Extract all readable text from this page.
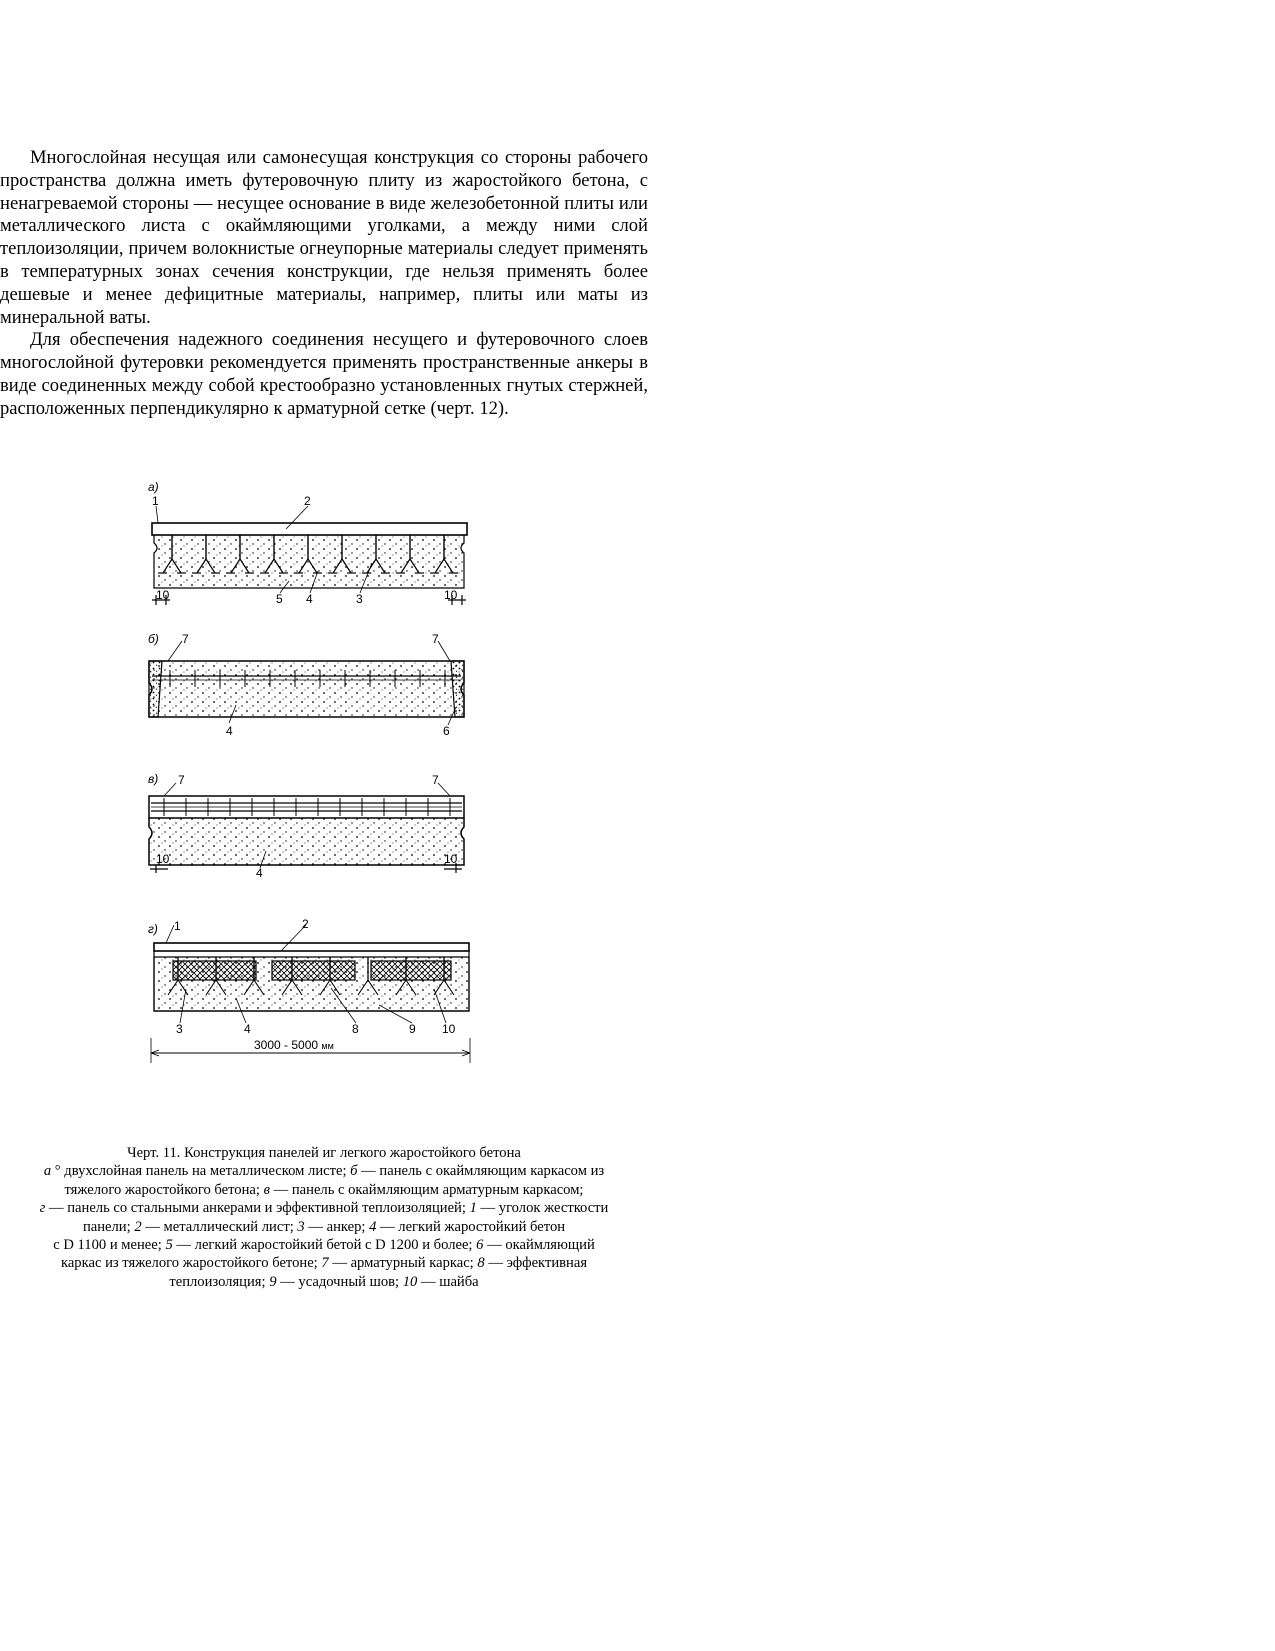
Многослойная несущая или самонесущая конструкция со стороны рабочего пространства должна иметь футеровочную плиту из жаростойкого бетона, с ненагреваемой стороны — несущее основание в виде железобетонной плиты или металлического листа с окаймляющими уголками, а между ними слой теплоизоляции, причем волокнистые огнеупорные материалы следует применять в температурных зонах сечения конструкции, где нельзя применять более дешевые и менее дефицитные материалы, например, плиты или маты из минеральной ваты.

Для обеспечения надежного соединения несущего и футеровочного слоев многослойной футеровки рекомендуется применять пространственные анкеры в виде соединенных между собой крестообразно установленных гнутых стержней, расположенных перпендикулярно к арматурной сетке (черт. 12).

а)
1	2
5 4	3
10	10
б) 7	7
4	6
в) 7	7
4
10	10
г) 1	2
3	4	8	9 10
3000 - 5000 мм
Черт. 11. Конструкция панелей иг легкого жаростойкого бетона
а ° двухслойная панель на металлическом листе; б — панель с окаймляющим каркасом из
тяжелого жаростойкого бетона; в — панель с окаймляющим арматурным каркасом;
г — панель со стальными анкерами и эффективной теплоизоляцией; 1 — уголок жесткости
панели; 2 — металлический лист; 3 — анкер; 4 — легкий жаростойкий бетон
с D 1100 и менее; 5 — легкий жаростойкий бетой с D 1200 и более; 6 — окаймляющий
каркас из тяжелого жаростойкого бетоне; 7 — арматурный каркас; 8 — эффективная
теплоизоляция; 9 — усадочный шов; 10 — шайба
